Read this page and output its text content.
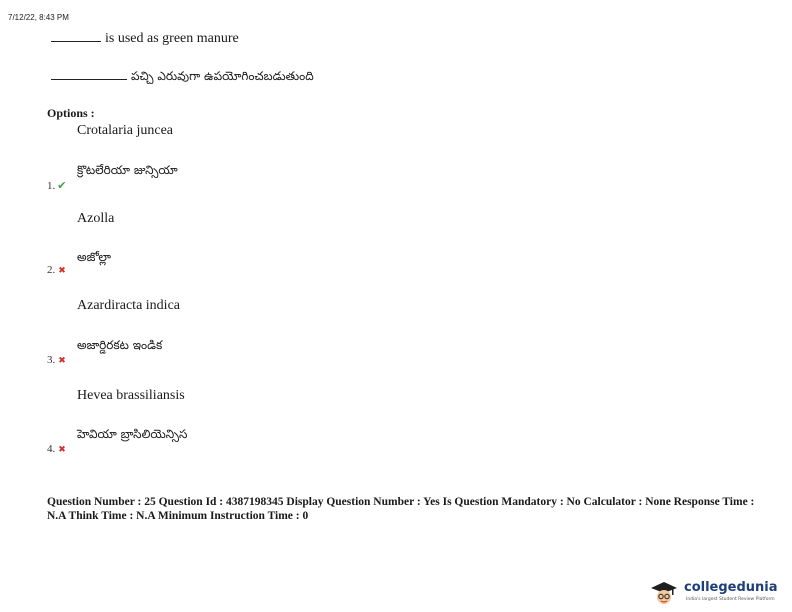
7/12/22, 8:43 PM
is used as green manure
పచ్చి ఎరువుగా ఉపయోగించబడుతుంది
Options :
Crotalaria juncea
క్రొటలేరియా జున్సియా
1. ✔
Azolla
అజోల్లా
2. ✖
Azardiracta indica
అజార్డిరకట ఇండిక
3. ✖
Hevea brassiliansis
హెవియా బ్రాసిలియెన్సిస
4. ✖
Question Number : 25 Question Id : 4387198345 Display Question Number : Yes Is Question Mandatory : No Calculator : None Response Time : N.A Think Time : N.A Minimum Instruction Time : 0
collegedunia
India's largest Student Review Platform
